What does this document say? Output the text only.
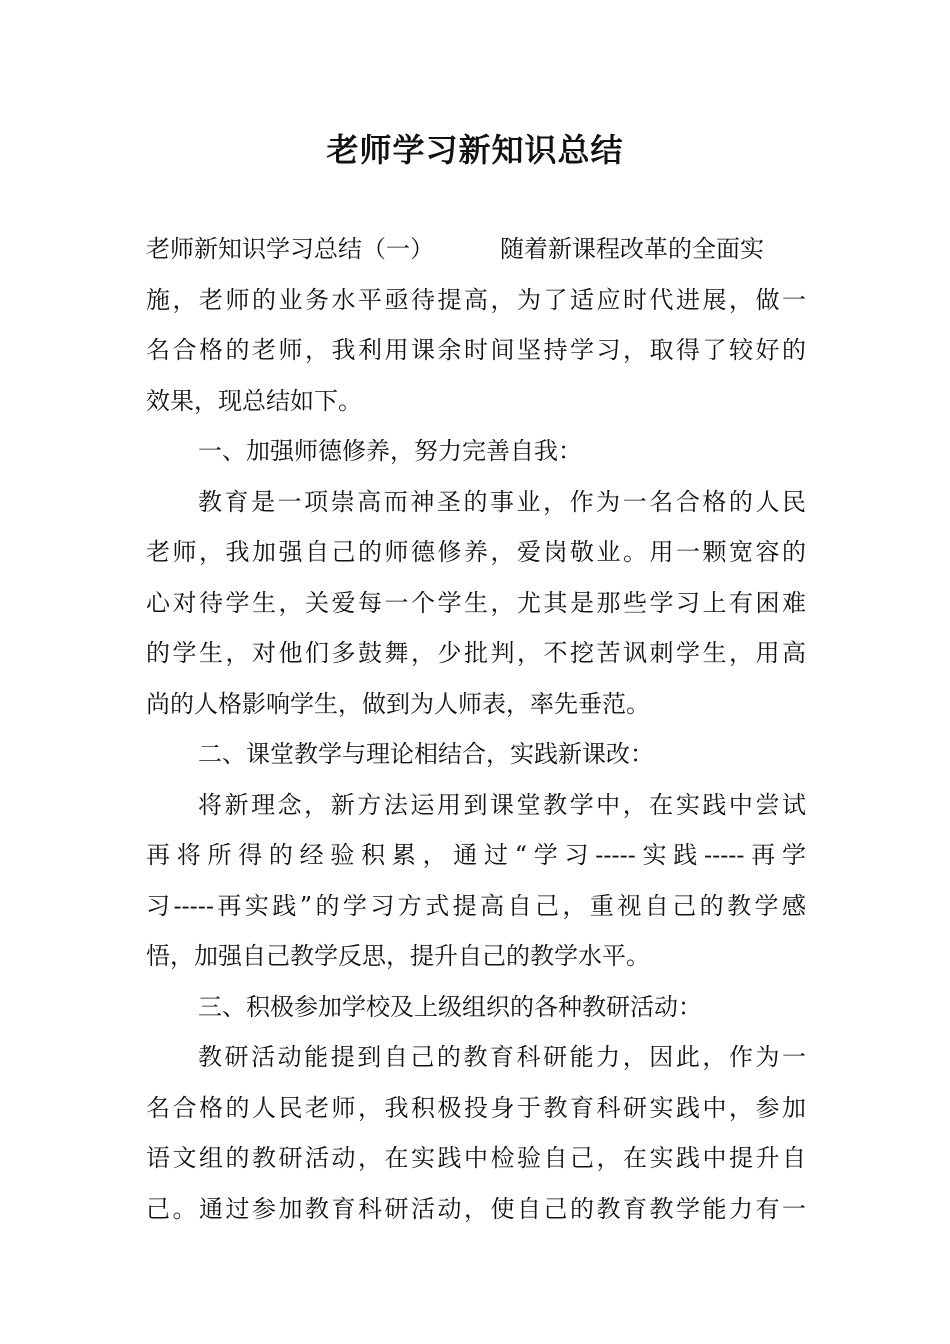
老师学习新知识总结
老师新知识学习总结（一）	随着新课程改革的全面实
施，老师的业务水平亟待提高，为了适应时代进展，做一
名合格的老师，我利用课余时间坚持学习，取得了较好的
效果，现总结如下。
一、加强师德修养，努力完善自我：
教育是一项崇高而神圣的事业，作为一名合格的人民
老师，我加强自己的师德修养，爱岗敬业。用一颗宽容的
心对待学生，关爱每一个学生，尤其是那些学习上有困难
的学生，对他们多鼓舞，少批判，不挖苦讽刺学生，用高
尚的人格影响学生，做到为人师表，率先垂范。
二、课堂教学与理论相结合，实践新课改：
将新理念，新方法运用到课堂教学中，在实践中尝试
再将所得的经验积累，通过“学习-----实践-----再学
习-----再实践”的学习方式提高自己，重视自己的教学感
悟，加强自己教学反思，提升自己的教学水平。
三、积极参加学校及上级组织的各种教研活动：
教研活动能提到自己的教育科研能力，因此，作为一
名合格的人民老师，我积极投身于教育科研实践中，参加
语文组的教研活动，在实践中检验自己，在实践中提升自
己。通过参加教育科研活动，使自己的教育教学能力有一
